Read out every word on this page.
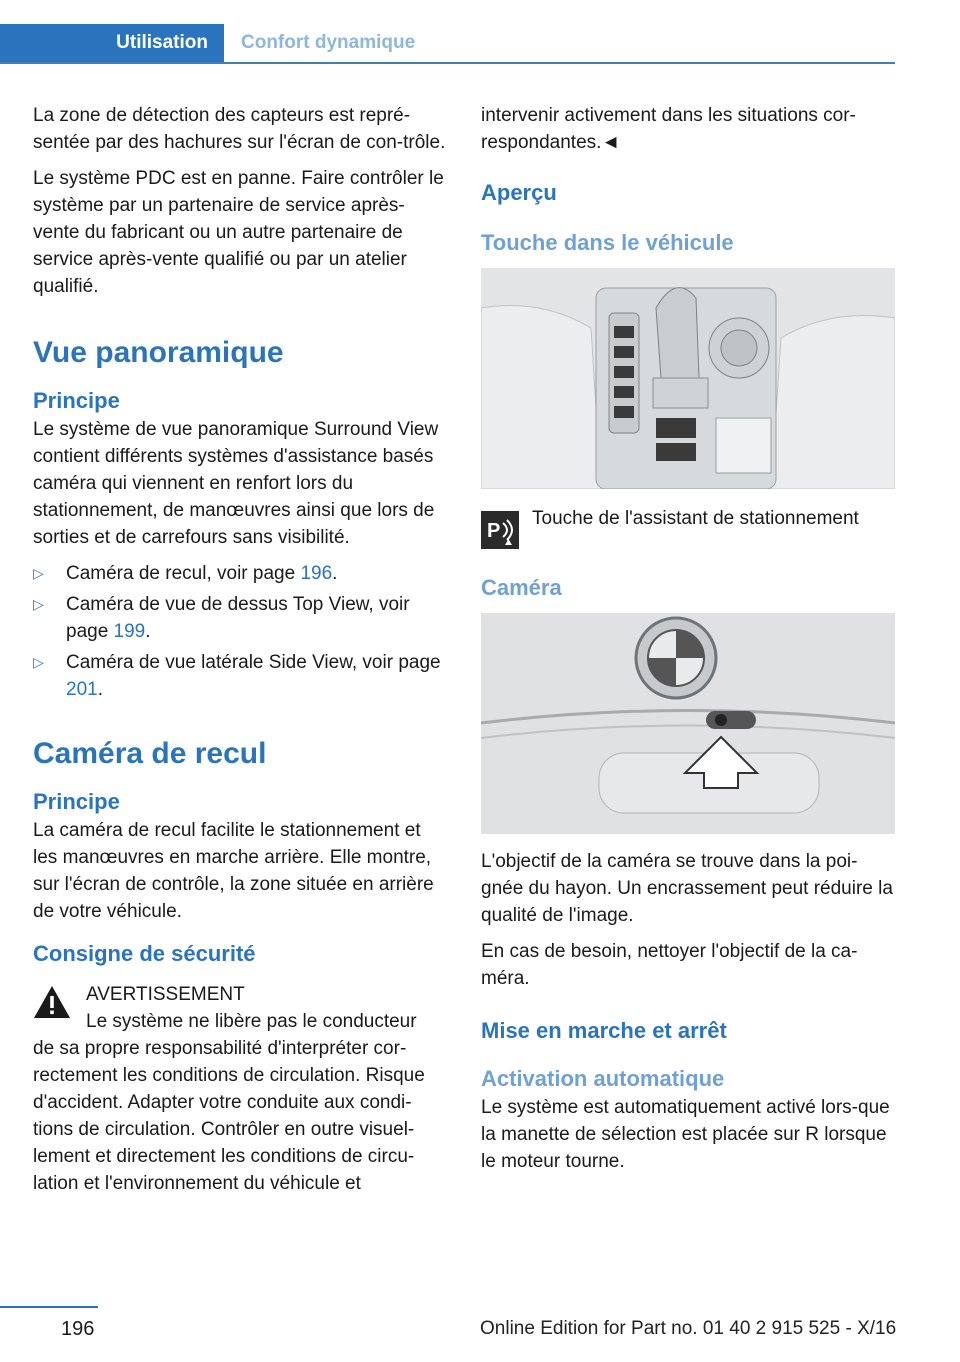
Utilisation	Confort dynamique

La zone de détection des capteurs est repré-sentée par des hachures sur l'écran de con-trôle.

Le système PDC est en panne. Faire contrôler le système par un partenaire de service après-vente du fabricant ou un autre partenaire de service après-vente qualifié ou par un atelier qualifié.

Vue panoramique
Principe

Le système de vue panoramique Surround View contient différents systèmes d'assistance basés caméra qui viennent en renfort lors du stationnement, de manœuvres ainsi que lors de sorties et de carrefours sans visibilité.

▷ Caméra de recul, voir page 196.
▷ Caméra de vue de dessus Top View, voir page 199.
▷ Caméra de vue latérale Side View, voir page 201.
Caméra de recul
Principe

La caméra de recul facilite le stationnement et les manœuvres en marche arrière. Elle montre, sur l'écran de contrôle, la zone située en arrière de votre véhicule.

Consigne de sécurité
AVERTISSEMENT
Le système ne libère pas le conducteur

de sa propre responsabilité d'interpréter cor-rectement les conditions de circulation. Risque d'accident. Adapter votre conduite aux condi-tions de circulation. Contrôler en outre visuel-lement et directement les conditions de circu-lation et l'environnement du véhicule et

intervenir activement dans les situations cor-respondantes.◄

Aperçu
Touche dans le véhicule
P
Touche de l'assistant de stationnement
Caméra

L'objectif de la caméra se trouve dans la poi-gnée du hayon. Un encrassement peut réduire la qualité de l'image.

En cas de besoin, nettoyer l'objectif de la ca-méra.

Mise en marche et arrêt
Activation automatique

Le système est automatiquement activé lors-que la manette de sélection est placée sur R lorsque le moteur tourne.

196	Online Edition for Part no. 01 40 2 915 525 - X/16
